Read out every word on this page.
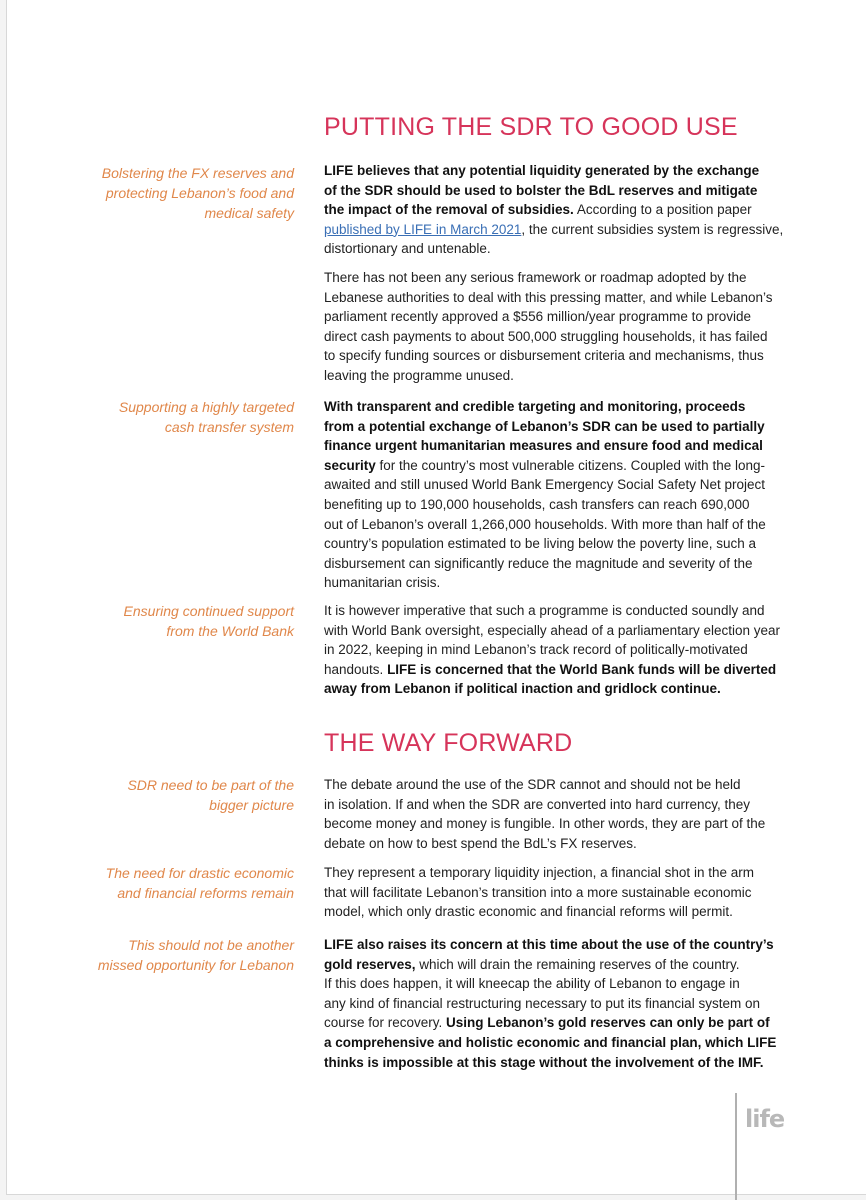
PUTTING THE SDR TO GOOD USE
Bolstering the FX reserves and
protecting Lebanon’s food and
medical safety
LIFE believes that any potential liquidity generated by the exchange
of the SDR should be used to bolster the BdL reserves and mitigate
the impact of the removal of subsidies. According to a position paper
published by LIFE in March 2021, the current subsidies system is regressive,
distortionary and untenable.
There has not been any serious framework or roadmap adopted by the
Lebanese authorities to deal with this pressing matter, and while Lebanon’s
parliament recently approved a $556 million/year programme to provide
direct cash payments to about 500,000 struggling households, it has failed
to specify funding sources or disbursement criteria and mechanisms, thus
leaving the programme unused.
Supporting a highly targeted
cash transfer system
With transparent and credible targeting and monitoring, proceeds
from a potential exchange of Lebanon’s SDR can be used to partially
finance urgent humanitarian measures and ensure food and medical
security for the country’s most vulnerable citizens. Coupled with the long-
awaited and still unused World Bank Emergency Social Safety Net project
benefiting up to 190,000 households, cash transfers can reach 690,000
out of Lebanon’s overall 1,266,000 households. With more than half of the
country’s population estimated to be living below the poverty line, such a
disbursement can significantly reduce the magnitude and severity of the
humanitarian crisis.
Ensuring continued support
from the World Bank
It is however imperative that such a programme is conducted soundly and
with World Bank oversight, especially ahead of a parliamentary election year
in 2022, keeping in mind Lebanon’s track record of politically-motivated
handouts. LIFE is concerned that the World Bank funds will be diverted
away from Lebanon if political inaction and gridlock continue.
THE WAY FORWARD
SDR need to be part of the
bigger picture
The debate around the use of the SDR cannot and should not be held
in isolation. If and when the SDR are converted into hard currency, they
become money and money is fungible. In other words, they are part of the
debate on how to best spend the BdL’s FX reserves.
The need for drastic economic
and financial reforms remain
They represent a temporary liquidity injection, a financial shot in the arm
that will facilitate Lebanon’s transition into a more sustainable economic
model, which only drastic economic and financial reforms will permit.
This should not be another
missed opportunity for Lebanon
LIFE also raises its concern at this time about the use of the country’s
gold reserves, which will drain the remaining reserves of the country.
If this does happen, it will kneecap the ability of Lebanon to engage in
any kind of financial restructuring necessary to put its financial system on
course for recovery. Using Lebanon’s gold reserves can only be part of
a comprehensive and holistic economic and financial plan, which LIFE
thinks is impossible at this stage without the involvement of the IMF.
life
